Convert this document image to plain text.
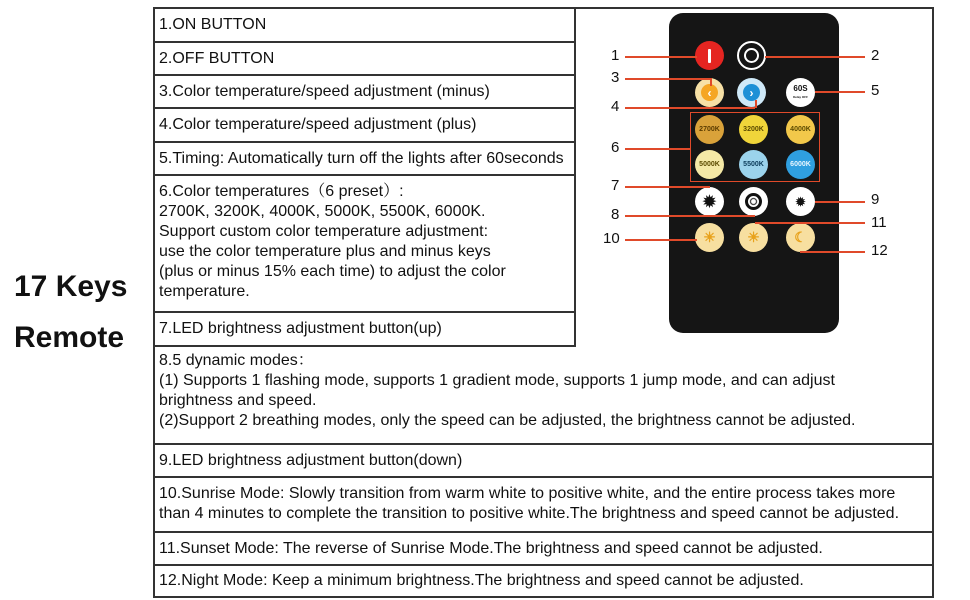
17 Keys
Remote
1.ON BUTTON
2.OFF BUTTON
3.Color temperature/speed adjustment (minus)
4.Color temperature/speed adjustment (plus)
5.Timing: Automatically turn off the lights after 60seconds
6.Color temperatures（6 preset）:
2700K, 3200K, 4000K, 5000K, 5500K, 6000K.
Support custom color temperature adjustment:
use the color temperature plus and minus keys
(plus or minus 15% each time) to adjust the color
temperature.
7.LED brightness adjustment button(up)
8.5 dynamic modes：
(1) Supports 1 flashing mode, supports 1 gradient mode, supports 1 jump mode, and can adjust
brightness and speed.
(2)Support 2 breathing modes, only the speed can be adjusted, the brightness cannot be adjusted.
9.LED brightness adjustment button(down)
10.Sunrise Mode: Slowly transition from warm white to positive white, and the entire process takes more
than 4 minutes to complete the transition to positive white.The brightness and speed cannot be adjusted.
11.Sunset Mode: The reverse of Sunrise Mode.The brightness and speed cannot be adjusted.
12.Night Mode: Keep a minimum brightness.The brightness and speed cannot be adjusted.
‹	›	60S
Delay OFF
2700K	3200K	4000K
5000K	5500K	6000K
✹	✹
☀ ☀ ☾
1	2
3
4
5
6
7
8
9
10
11
12
